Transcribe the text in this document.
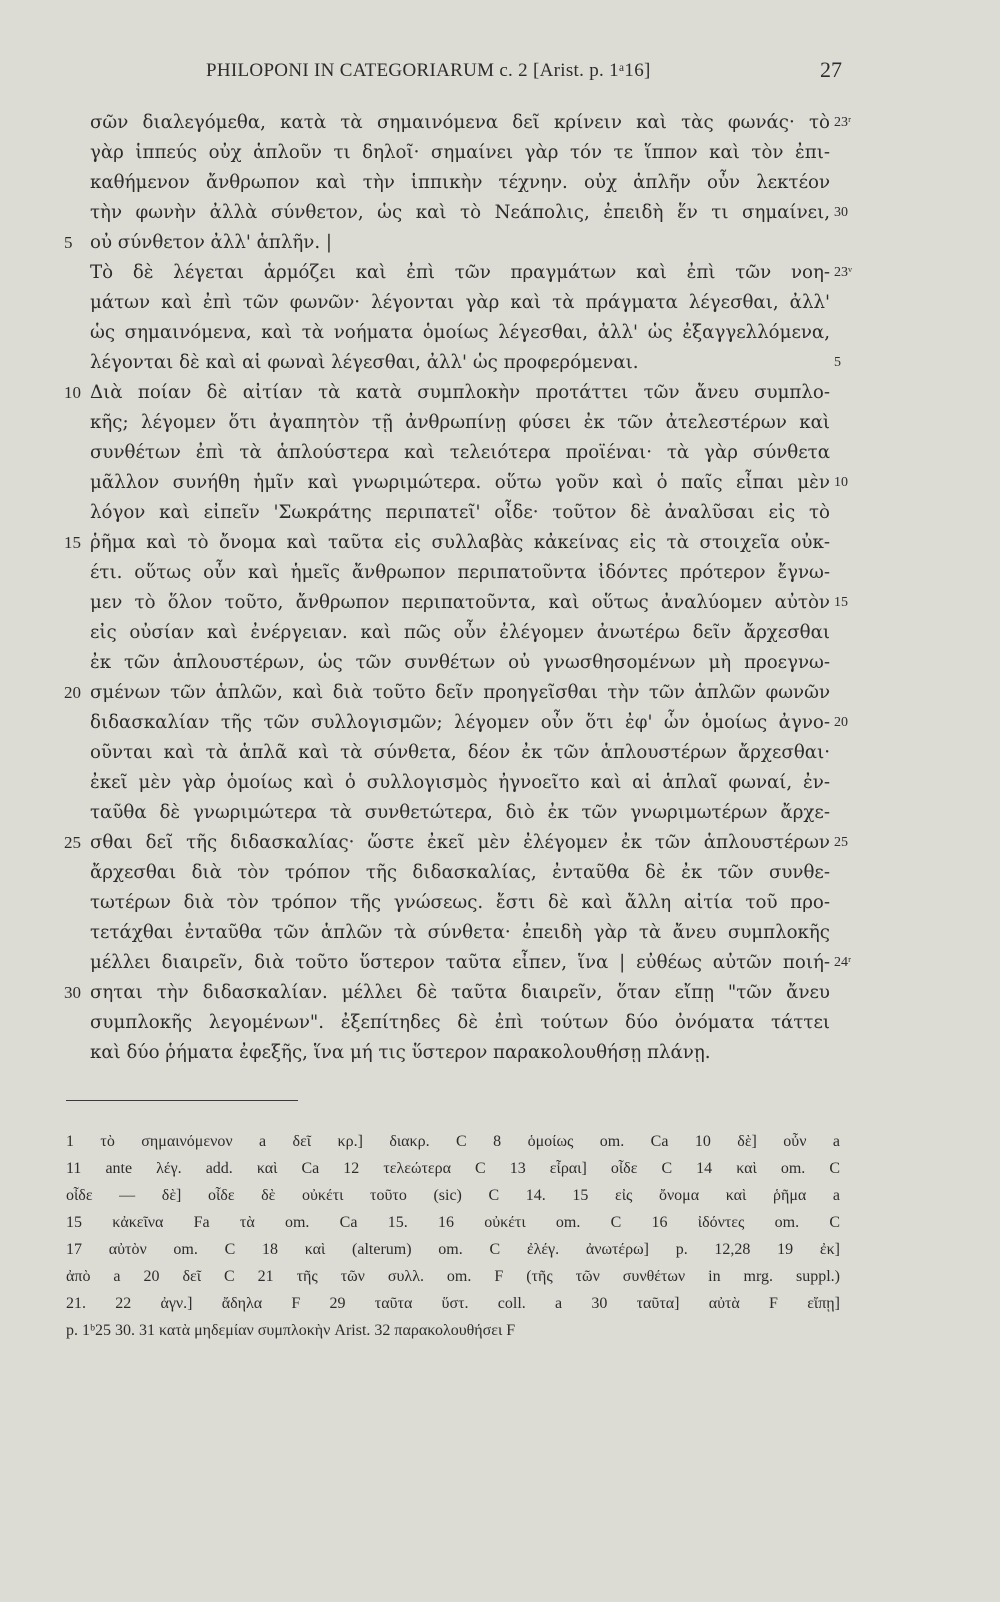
PHILOPONI IN CATEGORIARUM c. 2 [Arist. p. 1ᵃ16]	27
σῶν διαλεγόμεθα, κατὰ τὰ σημαινόμενα δεῖ κρίνειν καὶ τὰς φωνάς· τὸ 23ʳ
γὰρ ἱππεύς οὐχ ἁπλοῦν τι δηλοῖ· σημαίνει γὰρ τόν τε ἵππον καὶ τὸν ἐπι-
καθήμενον ἄνθρωπον καὶ τὴν ἱππικὴν τέχνην. οὐχ ἁπλῆν οὖν λεκτέον
τὴν φωνὴν ἀλλὰ σύνθετον, ὡς καὶ τὸ Νεάπολις, ἐπειδὴ ἕν τι σημαίνει, 30
οὐ σύνθετον ἀλλ' ἁπλῆν. |
5
Τὸ δὲ λέγεται ἁρμόζει καὶ ἐπὶ τῶν πραγμάτων καὶ ἐπὶ τῶν νοη- 23ᵛ
μάτων καὶ ἐπὶ τῶν φωνῶν· λέγονται γὰρ καὶ τὰ πράγματα λέγεσθαι, ἀλλ'
ὡς σημαινόμενα, καὶ τὰ νοήματα ὁμοίως λέγεσθαι, ἀλλ' ὡς ἐξαγγελλόμενα,
λέγονται δὲ καὶ αἱ φωναὶ λέγεσθαι, ἀλλ' ὡς προφερόμεναι.	5
Διὰ ποίαν δὲ αἰτίαν τὰ κατὰ συμπλοκὴν προτάττει τῶν ἄνευ συμπλο-
10
κῆς; λέγομεν ὅτι ἀγαπητὸν τῇ ἀνθρωπίνῃ φύσει ἐκ τῶν ἀτελεστέρων καὶ
συνθέτων ἐπὶ τὰ ἁπλούστερα καὶ τελειότερα προϊέναι· τὰ γὰρ σύνθετα
μᾶλλον συνήθη ἡμῖν καὶ γνωριμώτερα. οὕτω γοῦν καὶ ὁ παῖς εἶπαι μὲν 10
λόγον καὶ εἰπεῖν 'Σωκράτης περιπατεῖ' οἶδε· τοῦτον δὲ ἀναλῦσαι εἰς τὸ
ῥῆμα καὶ τὸ ὄνομα καὶ ταῦτα εἰς συλλαβὰς κἀκείνας εἰς τὰ στοιχεῖα οὐκ-
15
έτι. οὕτως οὖν καὶ ἡμεῖς ἄνθρωπον περιπατοῦντα ἰδόντες πρότερον ἔγνω-
μεν τὸ ὅλον τοῦτο, ἄνθρωπον περιπατοῦντα, καὶ οὕτως ἀναλύομεν αὐτὸν 15
εἰς οὐσίαν καὶ ἐνέργειαν. καὶ πῶς οὖν ἐλέγομεν ἀνωτέρω δεῖν ἄρχεσθαι
ἐκ τῶν ἁπλουστέρων, ὡς τῶν συνθέτων οὐ γνωσθησομένων μὴ προεγνω-
σμένων τῶν ἁπλῶν, καὶ διὰ τοῦτο δεῖν προηγεῖσθαι τὴν τῶν ἁπλῶν φωνῶν
20
διδασκαλίαν τῆς τῶν συλλογισμῶν; λέγομεν οὖν ὅτι ἐφ' ὧν ὁμοίως ἀγνο- 20
οῦνται καὶ τὰ ἁπλᾶ καὶ τὰ σύνθετα, δέον ἐκ τῶν ἁπλουστέρων ἄρχεσθαι·
ἐκεῖ μὲν γὰρ ὁμοίως καὶ ὁ συλλογισμὸς ἠγνοεῖτο καὶ αἱ ἁπλαῖ φωναί, ἐν-
ταῦθα δὲ γνωριμώτερα τὰ συνθετώτερα, διὸ ἐκ τῶν γνωριμωτέρων ἄρχε-
σθαι δεῖ τῆς διδασκαλίας· ὥστε ἐκεῖ μὲν ἐλέγομεν ἐκ τῶν ἁπλουστέρων
25	25
ἄρχεσθαι διὰ τὸν τρόπον τῆς διδασκαλίας, ἐνταῦθα δὲ ἐκ τῶν συνθε-
τωτέρων διὰ τὸν τρόπον τῆς γνώσεως. ἔστι δὲ καὶ ἄλλη αἰτία τοῦ προ-
τετάχθαι ἐνταῦθα τῶν ἁπλῶν τὰ σύνθετα· ἐπειδὴ γὰρ τὰ ἄνευ συμπλοκῆς
μέλλει διαιρεῖν, διὰ τοῦτο ὕστερον ταῦτα εἶπεν, ἵνα | εὐθέως αὐτῶν ποιή- 24ʳ
σηται τὴν διδασκαλίαν. μέλλει δὲ ταῦτα διαιρεῖν, ὅταν εἴπῃ "τῶν ἄνευ
30
συμπλοκῆς λεγομένων". ἐξεπίτηδες δὲ ἐπὶ τούτων δύο ὀνόματα τάττει
καὶ δύο ῥήματα ἐφεξῆς, ἵνα μή τις ὕστερον παρακολουθήσῃ πλάνῃ.
1 τὸ σημαινόμενον a δεῖ κρ.] διακρ. C 8 ὁμοίως om. Ca 10 δὲ] οὖν a
11 ante λέγ. add. καὶ Ca 12 τελεώτερα C 13 εἶραι] οἶδε C 14 καὶ om. C
οἶδε — δὲ] οἶδε δὲ οὐκέτι τοῦτο (sic) C 14. 15 εἰς ὄνομα καὶ ῥῆμα a
15 κἀκεῖνα Fa τὰ om. Ca 15. 16 οὐκέτι om. C 16 ἰδόντες om. C
17 αὐτὸν om. C 18 καὶ (alterum) om. C ἐλέγ. ἀνωτέρω] p. 12,28 19 ἐκ]
ἀπὸ a 20 δεῖ C 21 τῆς τῶν συλλ. om. F (τῆς τῶν συνθέτων in mrg. suppl.)
21. 22 ἀγν.] ἄδηλα F 29 ταῦτα ὕστ. coll. a 30 ταῦτα] αὐτὰ F εἴπῃ]
p. 1ᵇ25 30. 31 κατὰ μηδεμίαν συμπλοκὴν Arist. 32 παρακολουθήσει F
